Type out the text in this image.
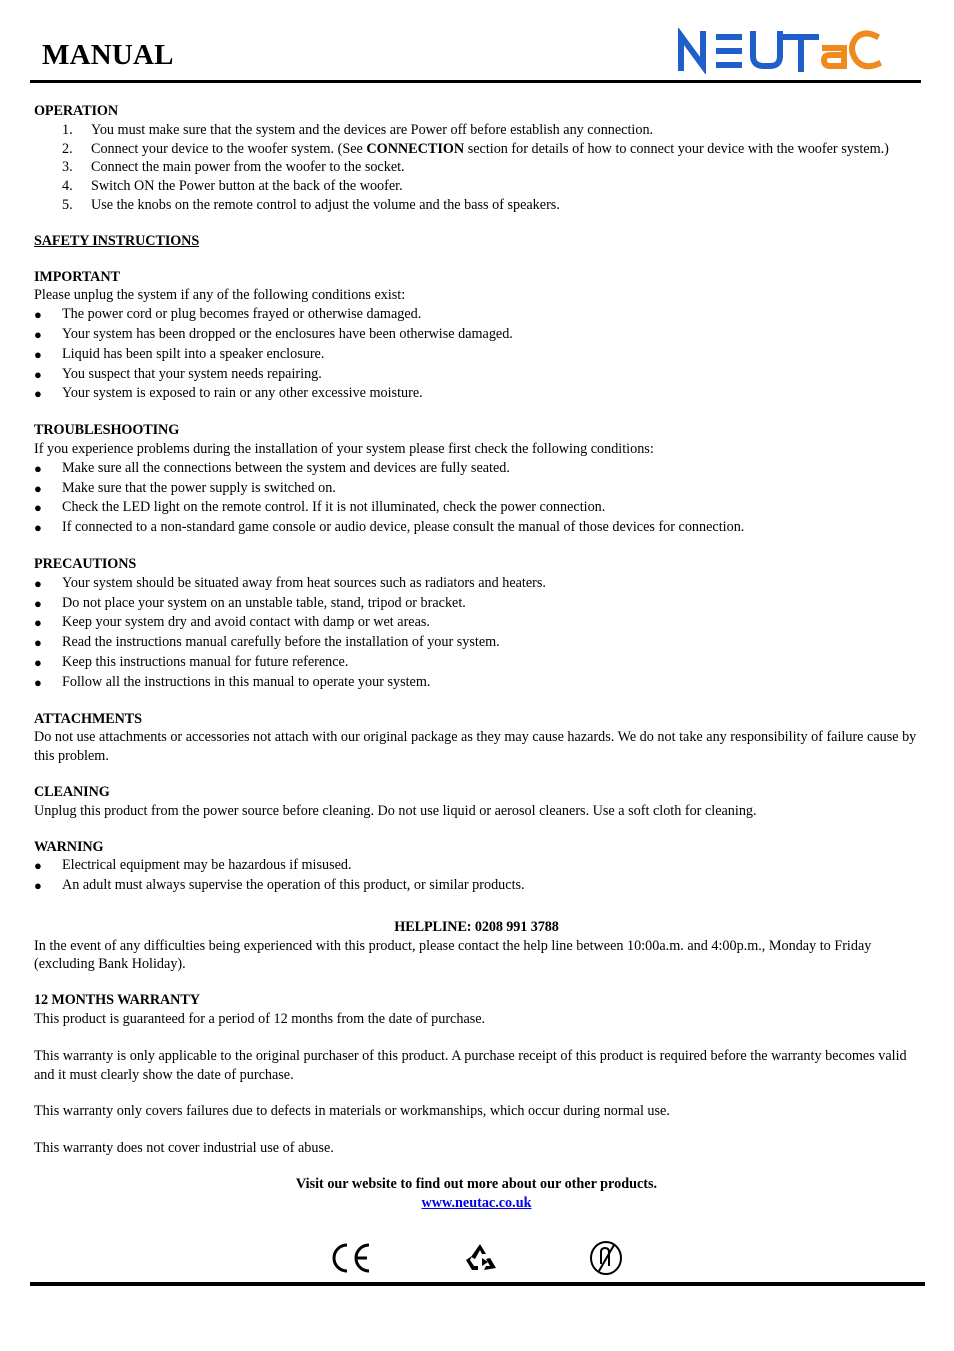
MANUAL
OPERATION
1. You must make sure that the system and the devices are Power off before establish any connection.
2. Connect your device to the woofer system. (See CONNECTION section for details of how to connect your device with the woofer system.)
3. Connect the main power from the woofer to the socket.
4. Switch ON the Power button at the back of the woofer.
5. Use the knobs on the remote control to adjust the volume and the bass of speakers.
SAFETY INSTRUCTIONS
IMPORTANT

Please unplug the system if any of the following conditions exist:

● The power cord or plug becomes frayed or otherwise damaged.
● Your system has been dropped or the enclosures have been otherwise damaged.
● Liquid has been spilt into a speaker enclosure.
● You suspect that your system needs repairing.
● Your system is exposed to rain or any other excessive moisture.
TROUBLESHOOTING

If you experience problems during the installation of your system please first check the following conditions:

● Make sure all the connections between the system and devices are fully seated.
● Make sure that the power supply is switched on.
● Check the LED light on the remote control. If it is not illuminated, check the power connection.
● If connected to a non-standard game console or audio device, please consult the manual of those devices for connection.
PRECAUTIONS
● Your system should be situated away from heat sources such as radiators and heaters.
● Do not place your system on an unstable table, stand, tripod or bracket.
● Keep your system dry and avoid contact with damp or wet areas.
● Read the instructions manual carefully before the installation of your system.
● Keep this instructions manual for future reference.
● Follow all the instructions in this manual to operate your system.
ATTACHMENTS

Do not use attachments or accessories not attach with our original package as they may cause hazards. We do not take any responsibility of failure cause by this problem.

CLEANING

Unplug this product from the power source before cleaning. Do not use liquid or aerosol cleaners. Use a soft cloth for cleaning.

WARNING
● Electrical equipment may be hazardous if misused.
● An adult must always supervise the operation of this product, or similar products.
HELPLINE: 0208 991 3788

In the event of any difficulties being experienced with this product, please contact the help line between 10:00a.m. and 4:00p.m., Monday to Friday (excluding Bank Holiday).

12 MONTHS WARRANTY

This product is guaranteed for a period of 12 months from the date of purchase.

This warranty is only applicable to the original purchaser of this product. A purchase receipt of this product is required before the warranty becomes valid and it must clearly show the date of purchase.

This warranty only covers failures due to defects in materials or workmanships, which occur during normal use.

This warranty does not cover industrial use of abuse.

Visit our website to find out more about our other products.

www.neutac.co.uk
